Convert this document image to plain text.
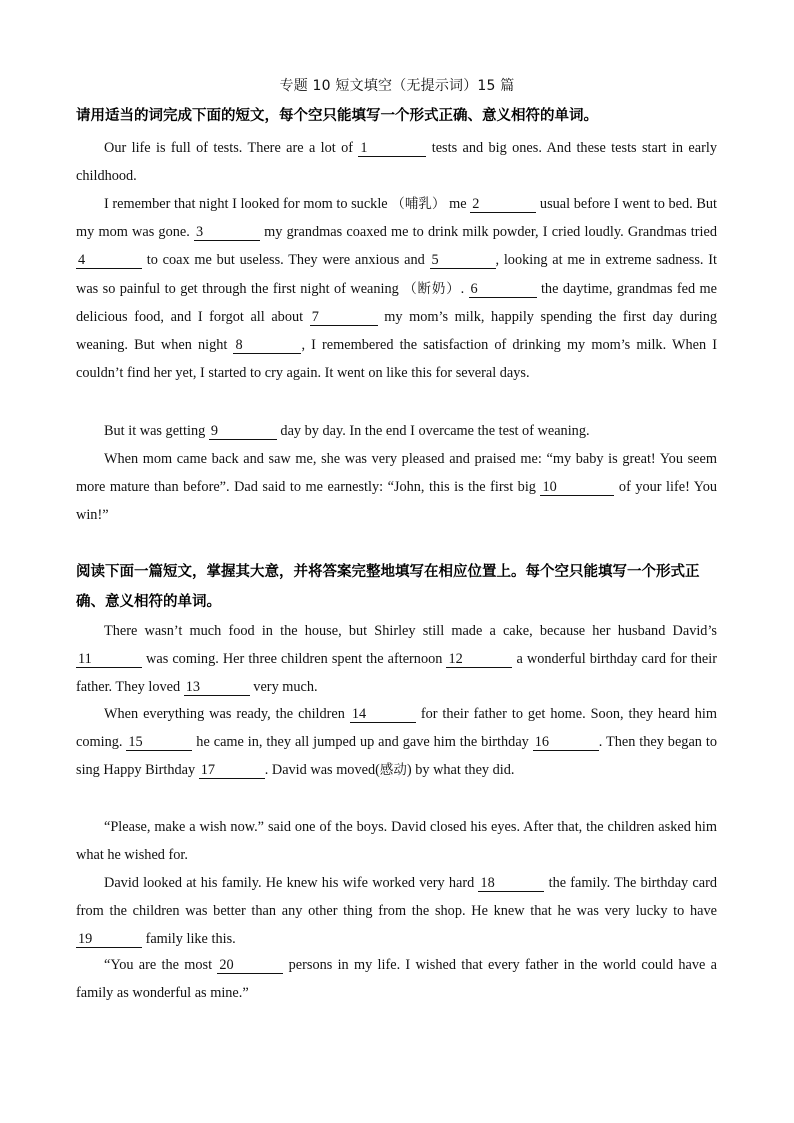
专题 10 短文填空（无提示词）15 篇
请用适当的词完成下面的短文，每个空只能填写一个形式正确、意义相符的单词。
Our life is full of tests. There are a lot of 1	tests and big ones. And these tests start in early childhood.
I remember that night I looked for mom to suckle （哺乳） me 2	usual before I went to bed. But my mom was gone. 3	my grandmas coaxed me to drink milk powder, I cried loudly. Grandmas tried 4	to coax me but useless. They were anxious and 5	, looking at me in extreme sadness. It was so painful to get through the first night of weaning （断奶）. 6	the daytime, grandmas fed me delicious food, and I forgot all about 7	my mom’s milk, happily spending the first day during weaning. But when night 8	, I remembered the satisfaction of drinking my mom’s milk. When I couldn’t find her yet, I started to cry again. It went on like this for several days.
But it was getting 9	day by day. In the end I overcame the test of weaning.
When mom came back and saw me, she was very pleased and praised me: “my baby is great! You seem more mature than before”. Dad said to me earnestly: “John, this is the first big 10	of your life! You win!”
阅读下面一篇短文，掌握其大意，并将答案完整地填写在相应位置上。每个空只能填写一个形式正确、意义相符的单词。
There wasn’t much food in the house, but Shirley still made a cake, because her husband David’s 11	was coming. Her three children spent the afternoon 12	a wonderful birthday card for their father. They loved 13	very much.
When everything was ready, the children 14	for their father to get home. Soon, they heard him coming. 15	he came in, they all jumped up and gave him the birthday 16	. Then they began to sing Happy Birthday 17	. David was moved(感动) by what they did.
“Please, make a wish now.” said one of the boys. David closed his eyes. After that, the children asked him what he wished for.
David looked at his family. He knew his wife worked very hard 18	the family. The birthday card from the children was better than any other thing from the shop. He knew that he was very lucky to have 19	family like this.
“You are the most 20	persons in my life. I wished that every father in the world could have a family as wonderful as mine.”
